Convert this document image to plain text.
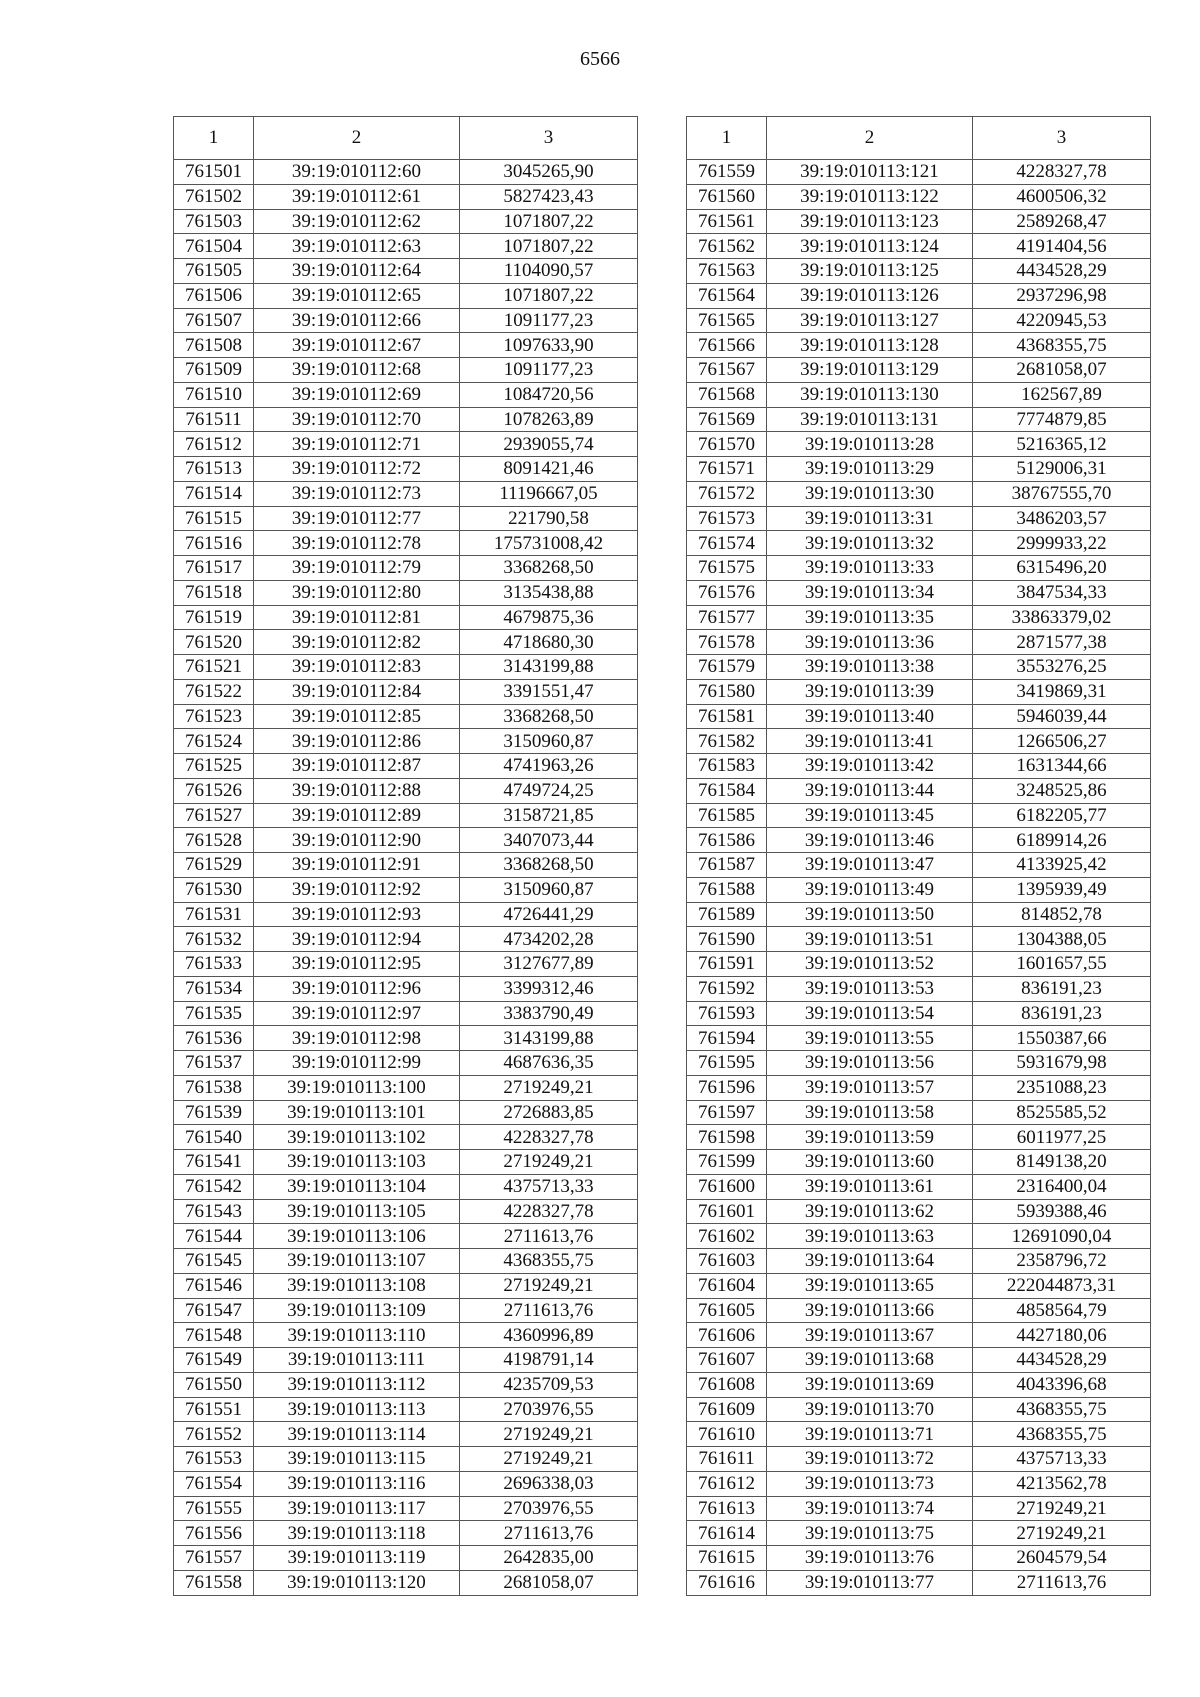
6566
1	2	3
761501	39:19:010112:60	3045265,90
761502	39:19:010112:61	5827423,43
761503	39:19:010112:62	1071807,22
761504	39:19:010112:63	1071807,22
761505	39:19:010112:64	1104090,57
761506	39:19:010112:65	1071807,22
761507	39:19:010112:66	1091177,23
761508	39:19:010112:67	1097633,90
761509	39:19:010112:68	1091177,23
761510	39:19:010112:69	1084720,56
761511	39:19:010112:70	1078263,89
761512	39:19:010112:71	2939055,74
761513	39:19:010112:72	8091421,46
761514	39:19:010112:73	11196667,05
761515	39:19:010112:77	221790,58
761516	39:19:010112:78	175731008,42
761517	39:19:010112:79	3368268,50
761518	39:19:010112:80	3135438,88
761519	39:19:010112:81	4679875,36
761520	39:19:010112:82	4718680,30
761521	39:19:010112:83	3143199,88
761522	39:19:010112:84	3391551,47
761523	39:19:010112:85	3368268,50
761524	39:19:010112:86	3150960,87
761525	39:19:010112:87	4741963,26
761526	39:19:010112:88	4749724,25
761527	39:19:010112:89	3158721,85
761528	39:19:010112:90	3407073,44
761529	39:19:010112:91	3368268,50
761530	39:19:010112:92	3150960,87
761531	39:19:010112:93	4726441,29
761532	39:19:010112:94	4734202,28
761533	39:19:010112:95	3127677,89
761534	39:19:010112:96	3399312,46
761535	39:19:010112:97	3383790,49
761536	39:19:010112:98	3143199,88
761537	39:19:010112:99	4687636,35
761538	39:19:010113:100	2719249,21
761539	39:19:010113:101	2726883,85
761540	39:19:010113:102	4228327,78
761541	39:19:010113:103	2719249,21
761542	39:19:010113:104	4375713,33
761543	39:19:010113:105	4228327,78
761544	39:19:010113:106	2711613,76
761545	39:19:010113:107	4368355,75
761546	39:19:010113:108	2719249,21
761547	39:19:010113:109	2711613,76
761548	39:19:010113:110	4360996,89
761549	39:19:010113:111	4198791,14
761550	39:19:010113:112	4235709,53
761551	39:19:010113:113	2703976,55
761552	39:19:010113:114	2719249,21
761553	39:19:010113:115	2719249,21
761554	39:19:010113:116	2696338,03
761555	39:19:010113:117	2703976,55
761556	39:19:010113:118	2711613,76
761557	39:19:010113:119	2642835,00
761558	39:19:010113:120	2681058,07
1	2	3
761559	39:19:010113:121	4228327,78
761560	39:19:010113:122	4600506,32
761561	39:19:010113:123	2589268,47
761562	39:19:010113:124	4191404,56
761563	39:19:010113:125	4434528,29
761564	39:19:010113:126	2937296,98
761565	39:19:010113:127	4220945,53
761566	39:19:010113:128	4368355,75
761567	39:19:010113:129	2681058,07
761568	39:19:010113:130	162567,89
761569	39:19:010113:131	7774879,85
761570	39:19:010113:28	5216365,12
761571	39:19:010113:29	5129006,31
761572	39:19:010113:30	38767555,70
761573	39:19:010113:31	3486203,57
761574	39:19:010113:32	2999933,22
761575	39:19:010113:33	6315496,20
761576	39:19:010113:34	3847534,33
761577	39:19:010113:35	33863379,02
761578	39:19:010113:36	2871577,38
761579	39:19:010113:38	3553276,25
761580	39:19:010113:39	3419869,31
761581	39:19:010113:40	5946039,44
761582	39:19:010113:41	1266506,27
761583	39:19:010113:42	1631344,66
761584	39:19:010113:44	3248525,86
761585	39:19:010113:45	6182205,77
761586	39:19:010113:46	6189914,26
761587	39:19:010113:47	4133925,42
761588	39:19:010113:49	1395939,49
761589	39:19:010113:50	814852,78
761590	39:19:010113:51	1304388,05
761591	39:19:010113:52	1601657,55
761592	39:19:010113:53	836191,23
761593	39:19:010113:54	836191,23
761594	39:19:010113:55	1550387,66
761595	39:19:010113:56	5931679,98
761596	39:19:010113:57	2351088,23
761597	39:19:010113:58	8525585,52
761598	39:19:010113:59	6011977,25
761599	39:19:010113:60	8149138,20
761600	39:19:010113:61	2316400,04
761601	39:19:010113:62	5939388,46
761602	39:19:010113:63	12691090,04
761603	39:19:010113:64	2358796,72
761604	39:19:010113:65	222044873,31
761605	39:19:010113:66	4858564,79
761606	39:19:010113:67	4427180,06
761607	39:19:010113:68	4434528,29
761608	39:19:010113:69	4043396,68
761609	39:19:010113:70	4368355,75
761610	39:19:010113:71	4368355,75
761611	39:19:010113:72	4375713,33
761612	39:19:010113:73	4213562,78
761613	39:19:010113:74	2719249,21
761614	39:19:010113:75	2719249,21
761615	39:19:010113:76	2604579,54
761616	39:19:010113:77	2711613,76
